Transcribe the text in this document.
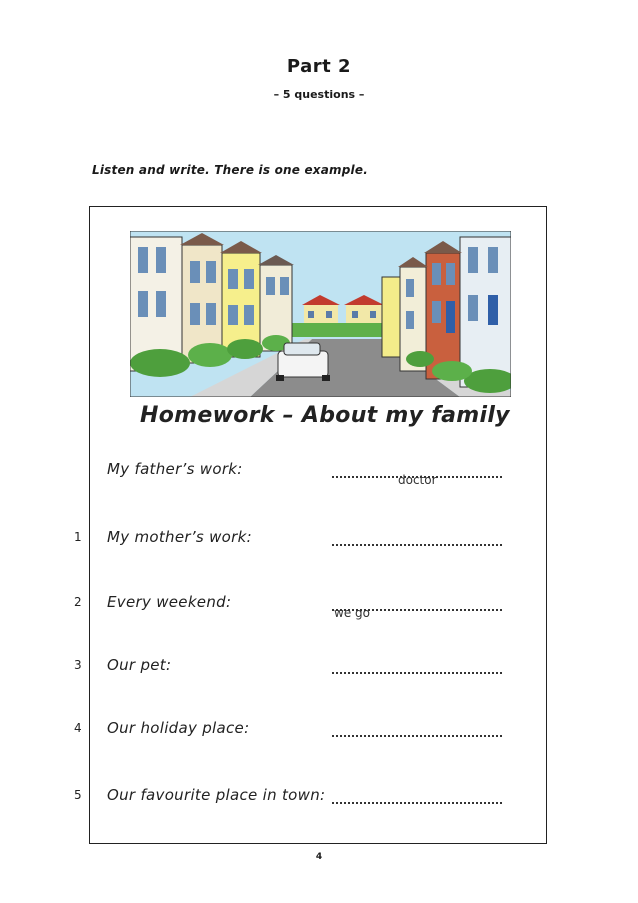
Part 2
– 5 questions –
Listen and write. There is one example.
Homework – About my family
My father’s work:
doctor
1 My mother’s work:
2 Every weekend:
we go
3 Our pet:
4 Our holiday place:
5 Our favourite place in town:
4
